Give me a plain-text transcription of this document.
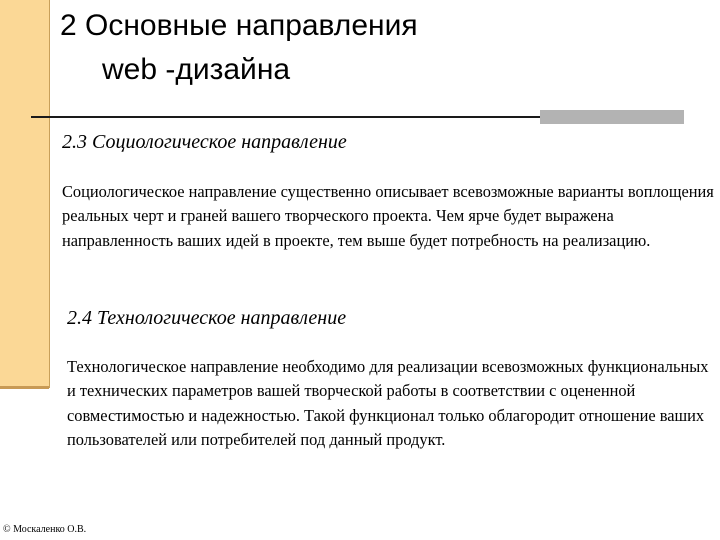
2 Основные направления
web -дизайна
2.3 Социологическое направление

Социологическое направление существенно описывает всевозможные варианты воплощения реальных черт и граней вашего творческого проекта. Чем ярче будет выражена направленность ваших идей в проекте, тем выше будет потребность на реализацию.

2.4 Технологическое направление

Технологическое направление необходимо для реализации всевозможных функциональных и технических параметров вашей творческой работы в соответствии с оцененной совместимостью и надежностью. Такой функционал только облагородит отношение ваших пользователей или потребителей под данный продукт.

© Москаленко О.В.
